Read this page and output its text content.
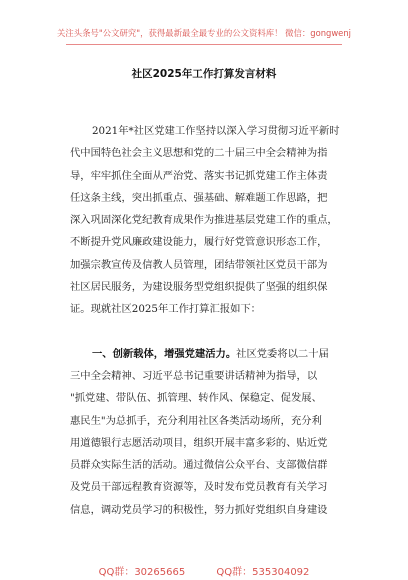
关注头条号"公文研究"，获得最新最全最专业的公文资料库！ 微信：gongwenj
社区2025年工作打算发言材料
2021年*社区党建工作坚持以深入学习贯彻习近平新时
代中国特色社会主义思想和党的二十届三中全会精神为指
导，牢牢抓住全面从严治党、落实书记抓党建工作主体责
任这条主线，突出抓重点、强基础、解难题工作思路，把
深入巩固深化党纪教育成果作为推进基层党建工作的重点，
不断提升党风廉政建设能力，履行好党管意识形态工作，
加强宗教宣传及信教人员管理，团结带领社区党员干部为
社区居民服务，为建设服务型党组织提供了坚强的组织保
证。现就社区2025年工作打算汇报如下：
一、创新载体，增强党建活力。社区党委将以二十届
三中全会精神、习近平总书记重要讲话精神为指导，以
"抓党建、带队伍、抓管理、转作风、保稳定、促发展、
惠民生"为总抓手，充分利用社区各类活动场所，充分利
用道德银行志愿活动项目，组织开展丰富多彩的、贴近党
员群众实际生活的活动。通过微信公众平台、支部微信群
及党员干部远程教育资源等，及时发布党员教育有关学习
信息，调动党员学习的积极性，努力抓好党组织自身建设
QQ群：30265665	QQ群：535304092
